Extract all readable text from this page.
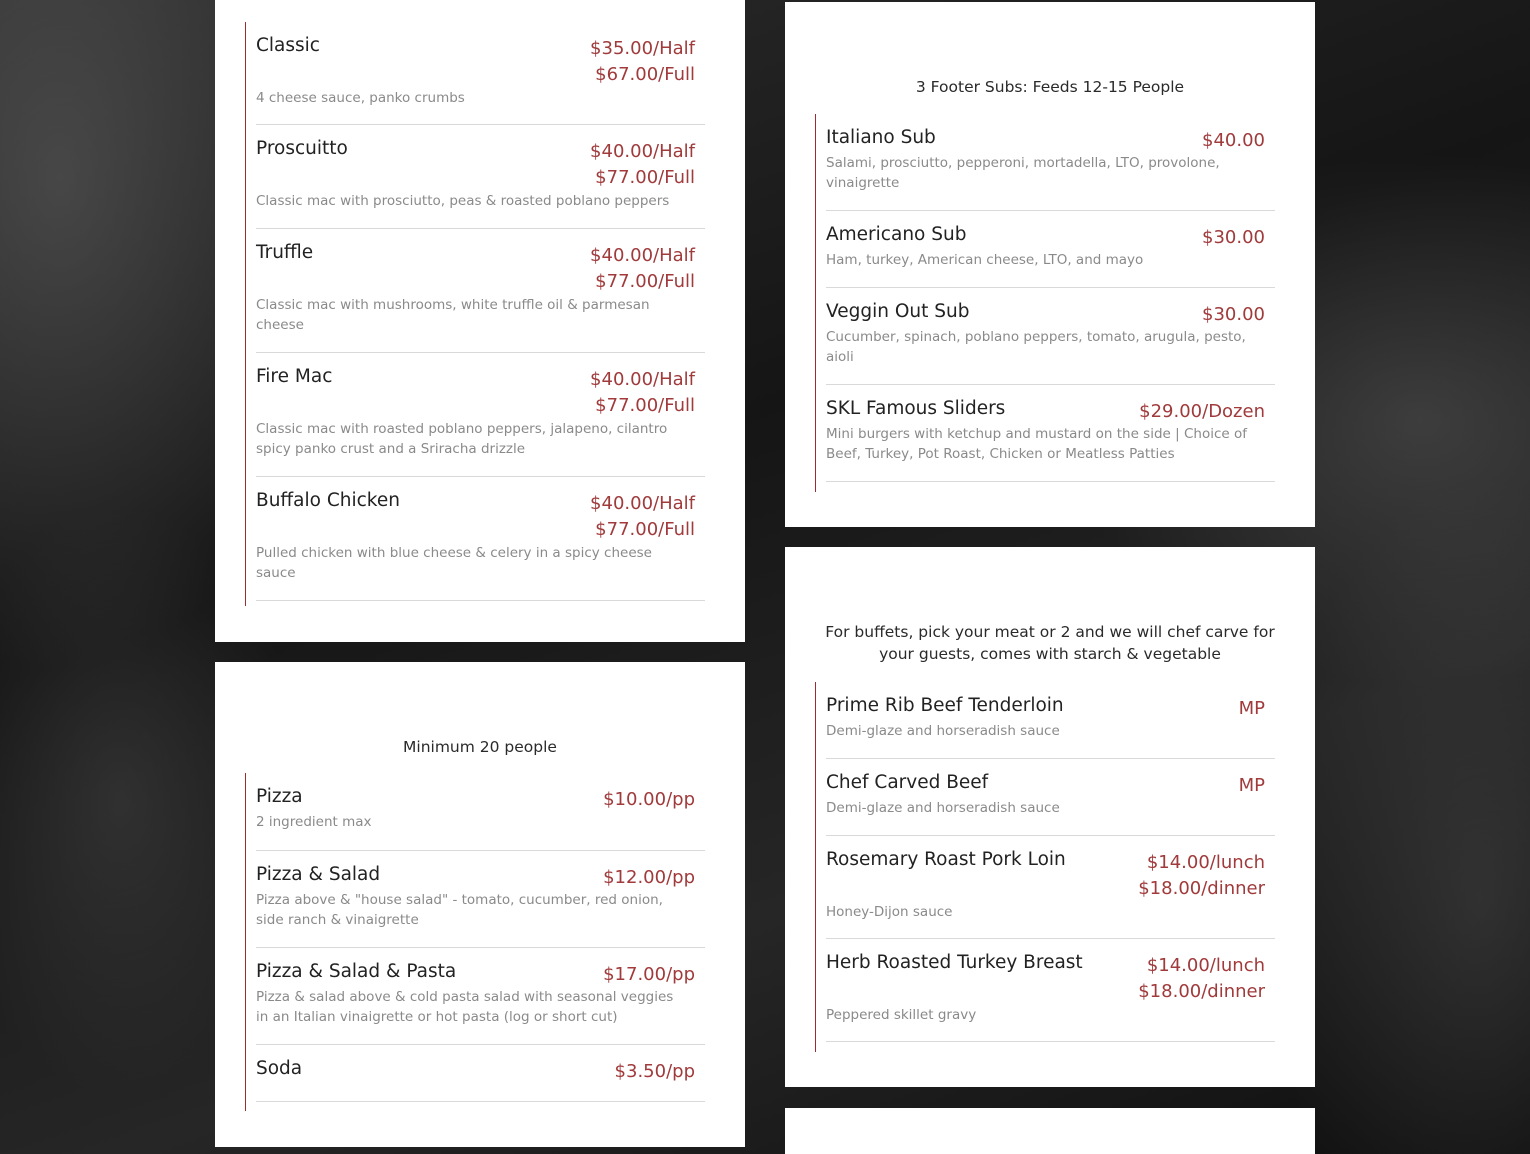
Classic	$35.00/Half
$67.00/Full
4 cheese sauce, panko crumbs
Proscuitto	$40.00/Half
$77.00/Full
Classic mac with prosciutto, peas & roasted poblano peppers
Truffle	$40.00/Half
$77.00/Full
Classic mac with mushrooms, white truffle oil & parmesan cheese
Fire Mac	$40.00/Half
$77.00/Full
Classic mac with roasted poblano peppers, jalapeno, cilantro spicy panko crust and a Sriracha drizzle
Buffalo Chicken	$40.00/Half
$77.00/Full
Pulled chicken with blue cheese & celery in a spicy cheese sauce
Minimum 20 people
Pizza	$10.00/pp
2 ingredient max
Pizza & Salad	$12.00/pp
Pizza above & "house salad" - tomato, cucumber, red onion, side ranch & vinaigrette
Pizza & Salad & Pasta	$17.00/pp
Pizza & salad above & cold pasta salad with seasonal veggies in an Italian vinaigrette or hot pasta (log or short cut)
Soda	$3.50/pp
3 Footer Subs: Feeds 12-15 People
Italiano Sub	$40.00
Salami, prosciutto, pepperoni, mortadella, LTO, provolone, vinaigrette
Americano Sub	$30.00
Ham, turkey, American cheese, LTO, and mayo
Veggin Out Sub	$30.00
Cucumber, spinach, poblano peppers, tomato, arugula, pesto, aioli
SKL Famous Sliders	$29.00/Dozen
Mini burgers with ketchup and mustard on the side | Choice of Beef, Turkey, Pot Roast, Chicken or Meatless Patties
For buffets, pick your meat or 2 and we will chef carve for your guests, comes with starch & vegetable
Prime Rib Beef Tenderloin	MP
Demi-glaze and horseradish sauce
Chef Carved Beef	MP
Demi-glaze and horseradish sauce
Rosemary Roast Pork Loin	$14.00/lunch
$18.00/dinner
Honey-Dijon sauce
Herb Roasted Turkey Breast	$14.00/lunch
$18.00/dinner
Peppered skillet gravy
